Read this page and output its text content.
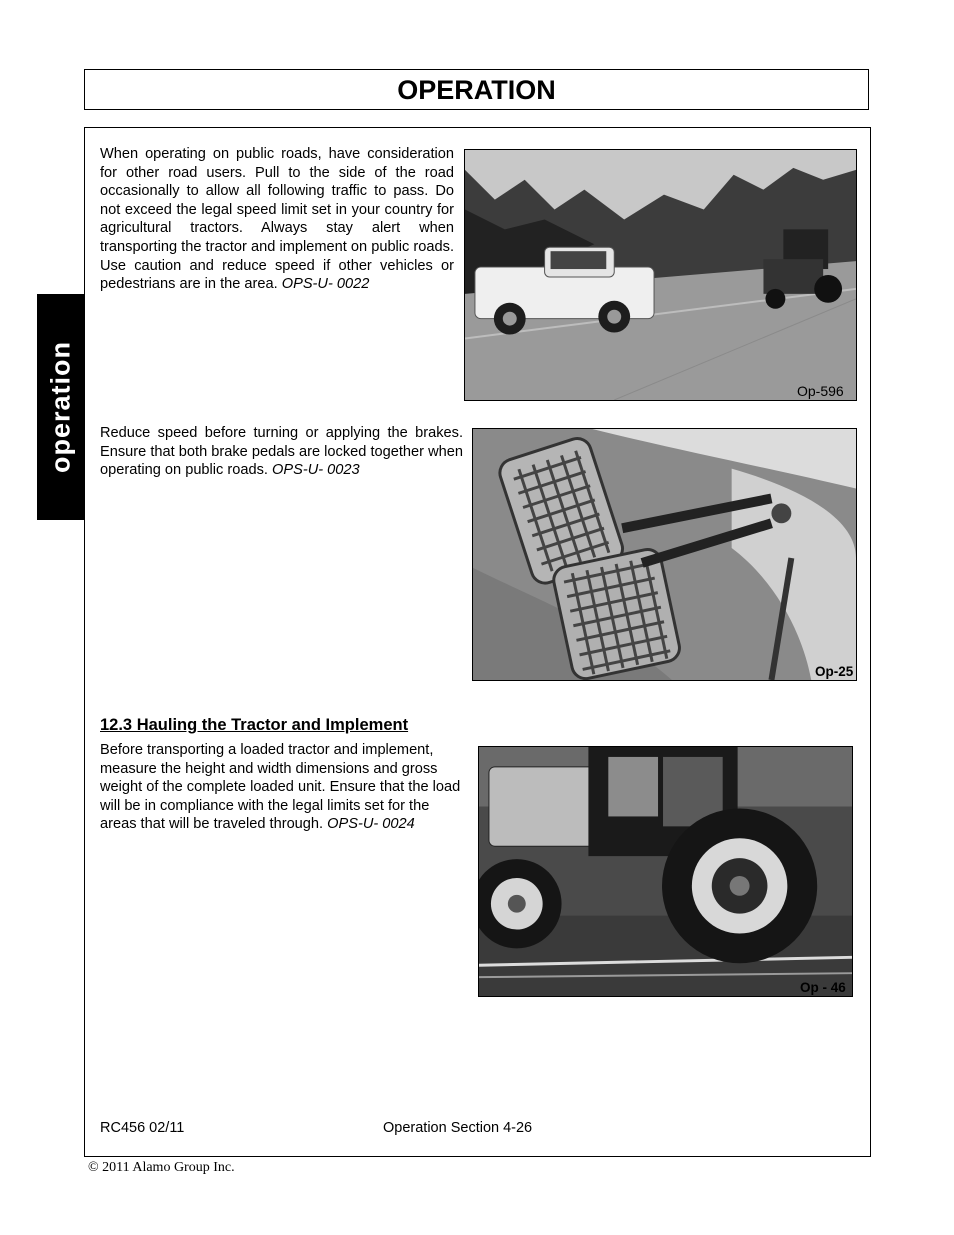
OPERATION
operation
When operating on public roads, have consideration for other road users. Pull to the side of the road occasionally to allow all following traffic to pass. Do not exceed the legal speed limit set in your country for agricultural tractors. Always stay alert when transporting the tractor and implement on public roads. Use caution and reduce speed if other vehicles or pedestrians are in the area. OPS-U- 0022
Op-596
Reduce speed before turning or applying the brakes. Ensure that both brake pedals are locked together when operating on public roads. OPS-U- 0023
Op-25
12.3 Hauling the Tractor and Implement
Before transporting a loaded tractor and implement, measure the height and width dimensions and gross weight of the complete loaded unit. Ensure that the load will be in compliance with the legal limits set for the areas that will be traveled through. OPS-U- 0024
Op - 46
RC456 02/11	Operation Section 4-26
© 2011 Alamo Group Inc.
